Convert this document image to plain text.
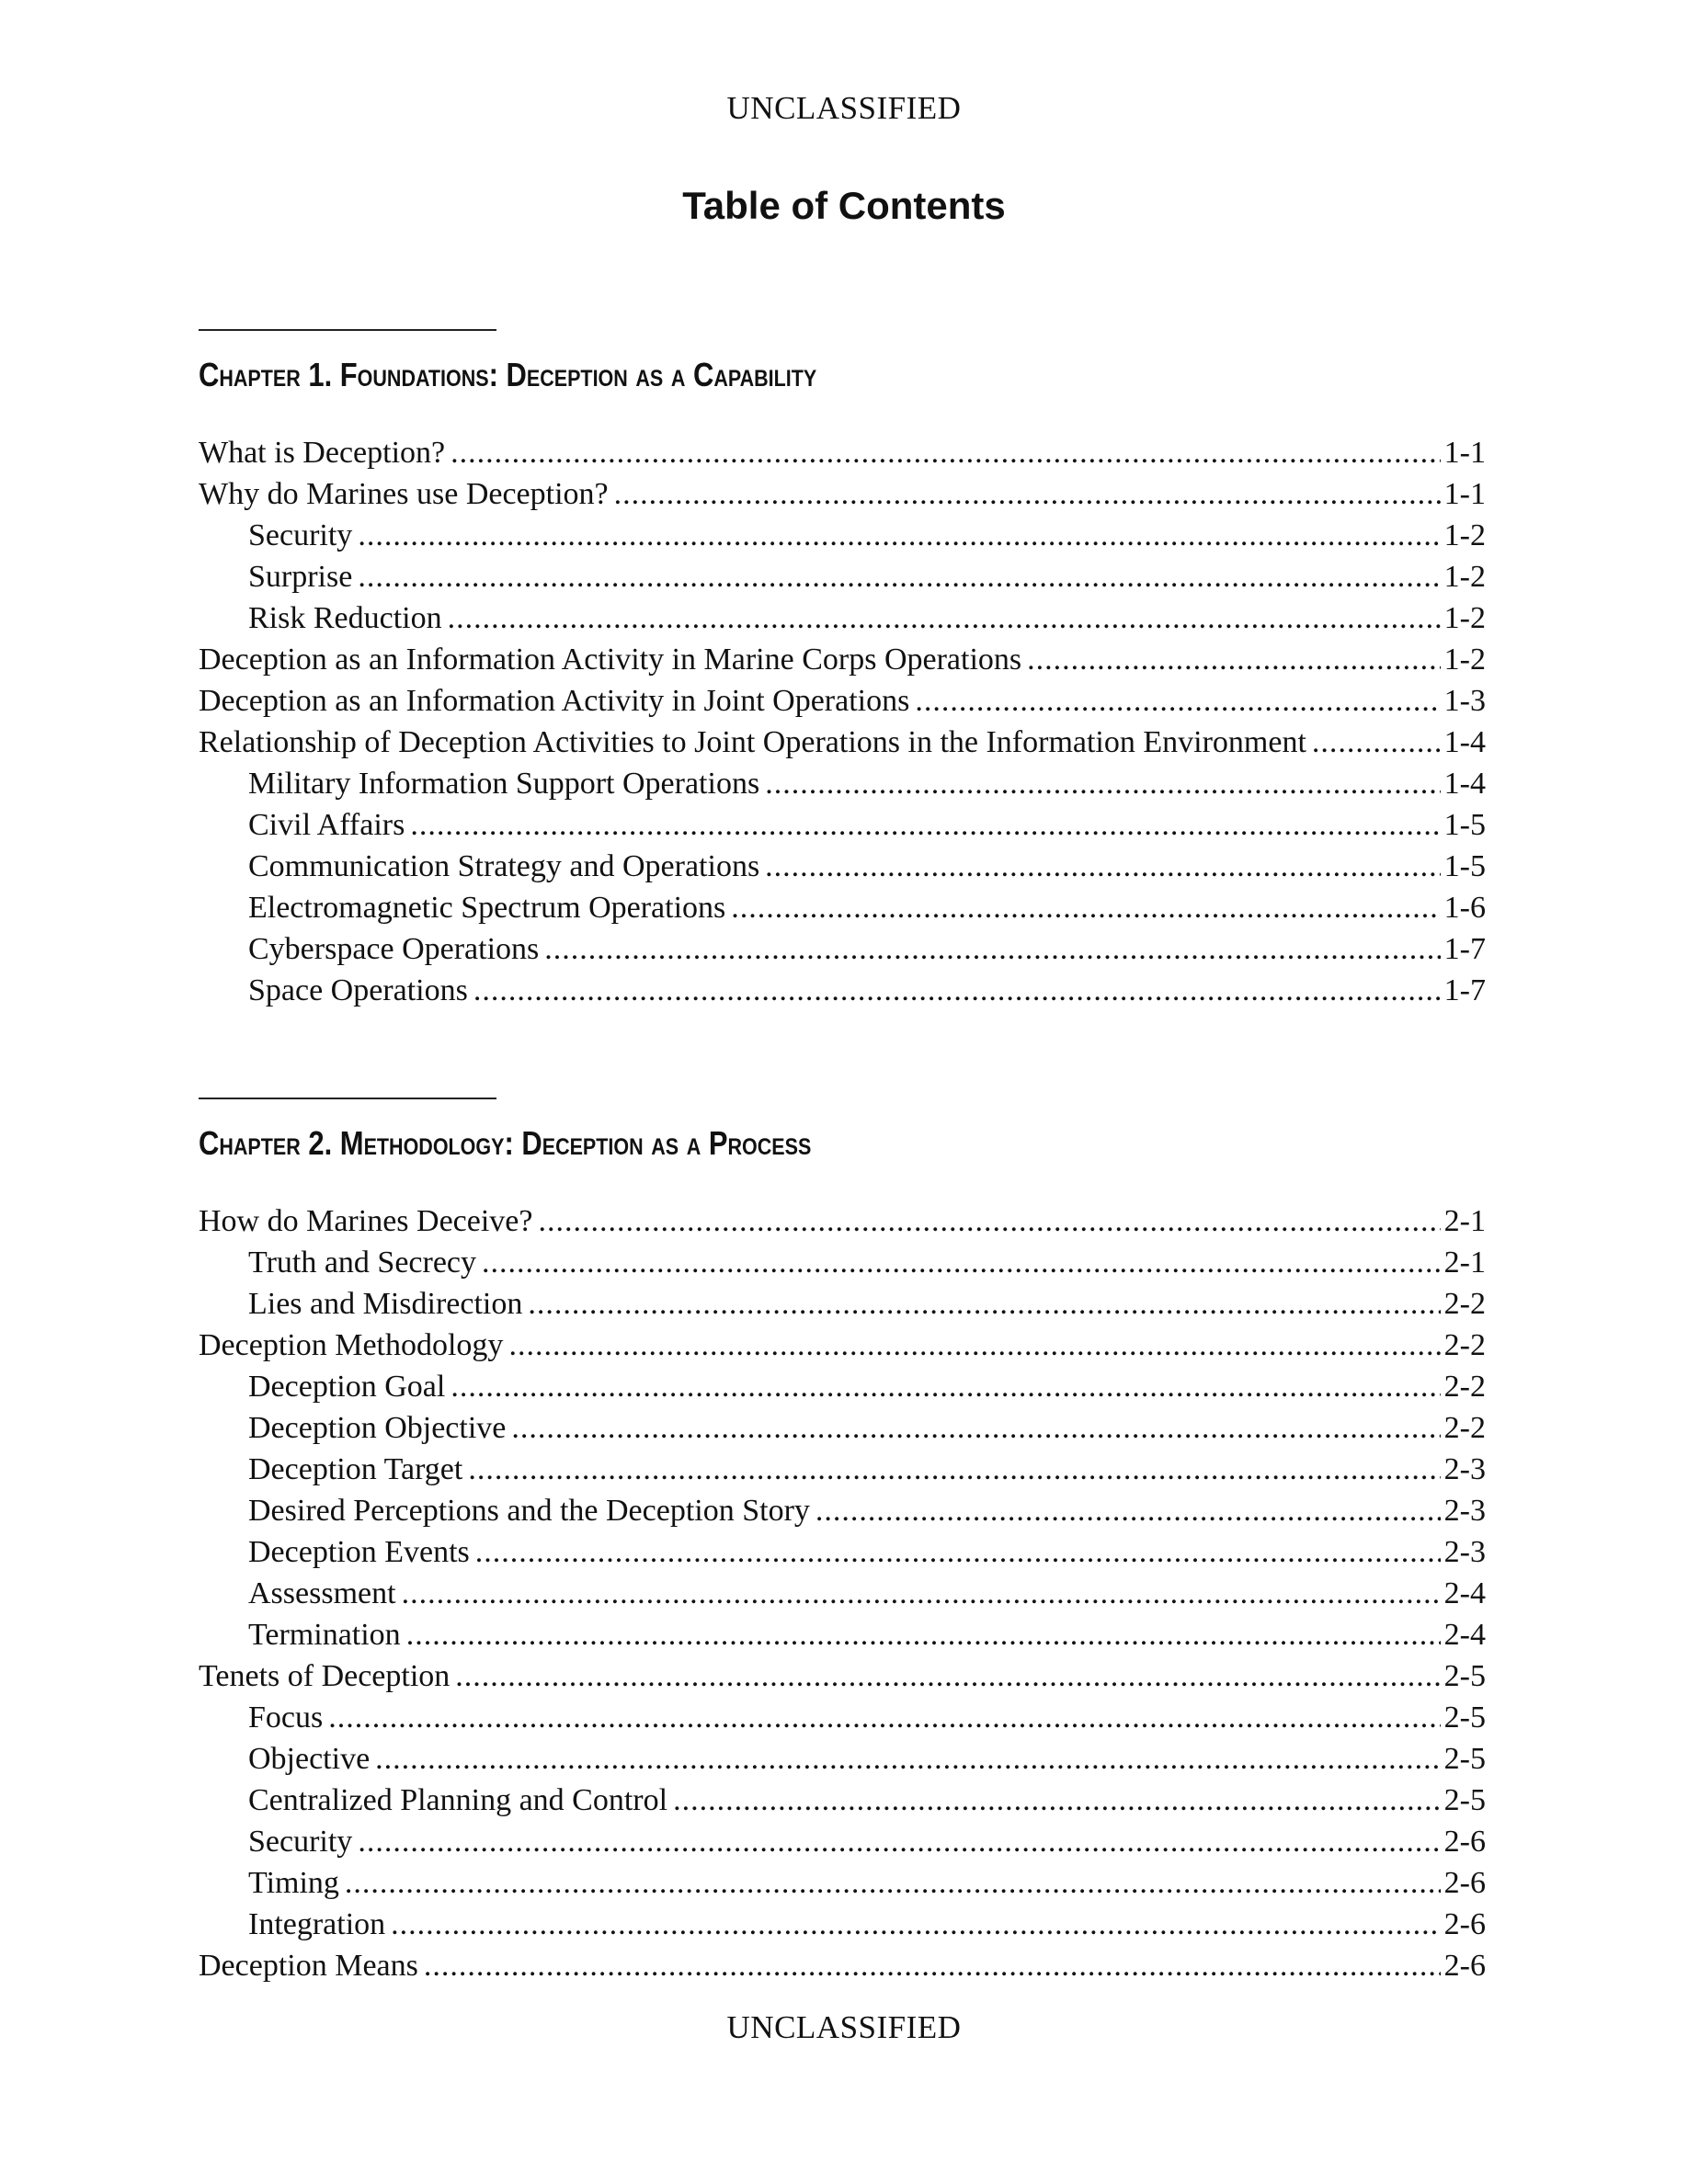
UNCLASSIFIED
Table of Contents
Chapter 1. Foundations: Deception as a Capability
What is Deception? .....	1-1
Why do Marines use Deception? .....	1-1
Security .....	1-2
Surprise .....	1-2
Risk Reduction .....	1-2
Deception as an Information Activity in Marine Corps Operations .....	1-2
Deception as an Information Activity in Joint Operations .....	1-3
Relationship of Deception Activities to Joint Operations in the Information Environment .....	1-4
Military Information Support Operations .....	1-4
Civil Affairs .....	1-5
Communication Strategy and Operations .....	1-5
Electromagnetic Spectrum Operations .....	1-6
Cyberspace Operations .....	1-7
Space Operations .....	1-7
Chapter 2. Methodology: Deception as a Process
How do Marines Deceive? .....	2-1
Truth and Secrecy .....	2-1
Lies and Misdirection .....	2-2
Deception Methodology .....	2-2
Deception Goal .....	2-2
Deception Objective .....	2-2
Deception Target .....	2-3
Desired Perceptions and the Deception Story .....	2-3
Deception Events .....	2-3
Assessment .....	2-4
Termination .....	2-4
Tenets of Deception .....	2-5
Focus .....	2-5
Objective .....	2-5
Centralized Planning and Control .....	2-5
Security .....	2-6
Timing .....	2-6
Integration .....	2-6
Deception Means .....	2-6
UNCLASSIFIED
